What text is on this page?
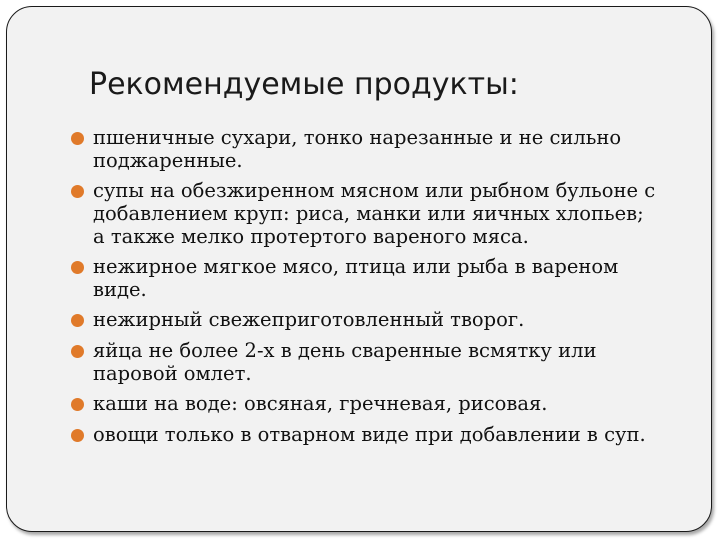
Рекомендуемые продукты:
пшеничные сухари, тонко нарезанные и не сильно
поджаренные.
супы на обезжиренном мясном или рыбном бульоне с
добавлением круп: риса, манки или яичных хлопьев;
а также мелко протертого вареного мяса.
нежирное мягкое мясо, птица или рыба в вареном
виде.
нежирный свежеприготовленный творог.
яйца не более 2-х в день сваренные всмятку или
паровой омлет.
каши на воде: овсяная, гречневая, рисовая.
овощи только в отварном виде при добавлении в суп.
